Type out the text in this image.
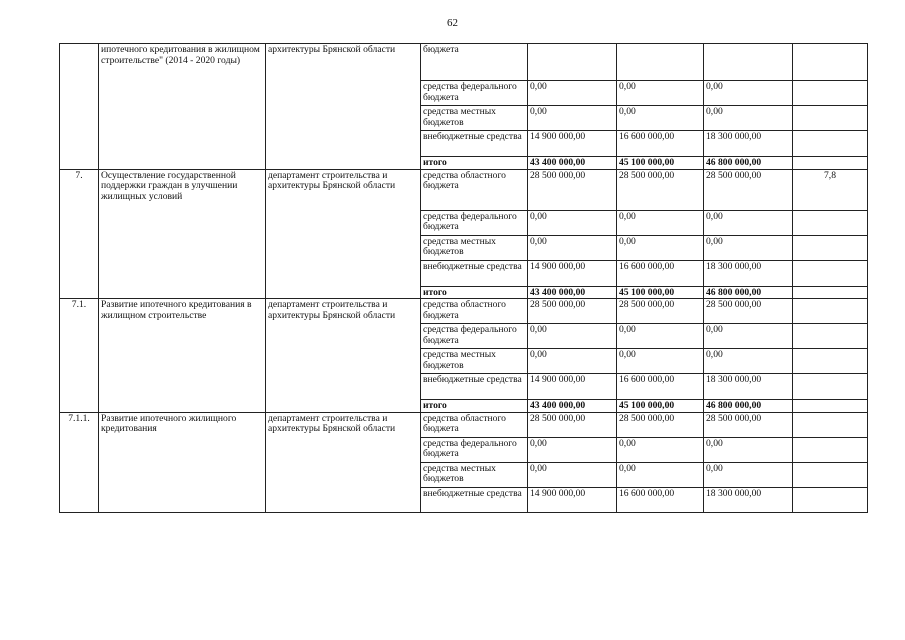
62
	ипотечного кредитования в жилищном строительстве" (2014 - 2020 годы)	архитектуры Брянской области	бюджета				
			средства федерального бюджета	0,00	0,00	0,00	
			средства местных бюджетов	0,00	0,00	0,00	
			внебюджетные средства	14 900 000,00	16 600 000,00	18 300 000,00	
			итого	43 400 000,00	45 100 000,00	46 800 000,00	
7.	Осуществление государственной поддержки граждан в улучшении жилищных условий	департамент строительства и архитектуры Брянской области	средства областного бюджета	28 500 000,00	28 500 000,00	28 500 000,00	7,8
			средства федерального бюджета	0,00	0,00	0,00	
			средства местных бюджетов	0,00	0,00	0,00	
			внебюджетные средства	14 900 000,00	16 600 000,00	18 300 000,00	
			итого	43 400 000,00	45 100 000,00	46 800 000,00	
7.1.	Развитие ипотечного кредитования в жилищном строительстве	департамент строительства и архитектуры Брянской области	средства областного бюджета	28 500 000,00	28 500 000,00	28 500 000,00	
			средства федерального бюджета	0,00	0,00	0,00	
			средства местных бюджетов	0,00	0,00	0,00	
			внебюджетные средства	14 900 000,00	16 600 000,00	18 300 000,00	
			итого	43 400 000,00	45 100 000,00	46 800 000,00	
7.1.1.	Развитие ипотечного жилищного кредитования	департамент строительства и архитектуры Брянской области	средства областного бюджета	28 500 000,00	28 500 000,00	28 500 000,00	
			средства федерального бюджета	0,00	0,00	0,00	
			средства местных бюджетов	0,00	0,00	0,00	
			внебюджетные средства	14 900 000,00	16 600 000,00	18 300 000,00	
